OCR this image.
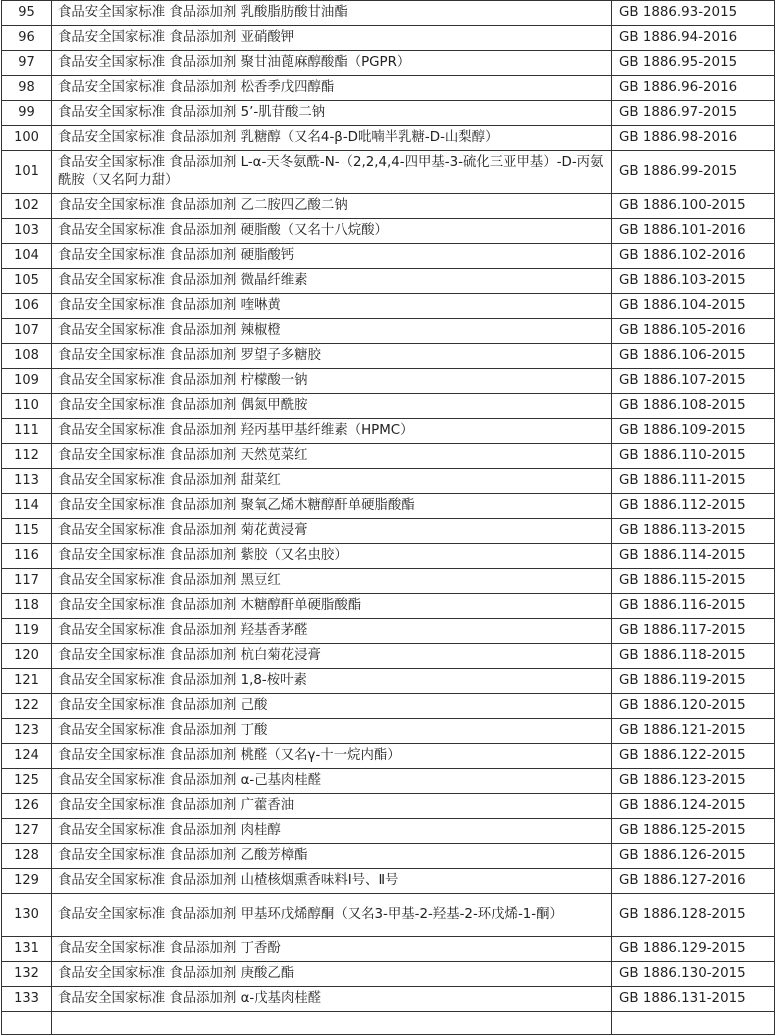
95	食品安全国家标准 食品添加剂 乳酸脂肪酸甘油酯	GB 1886.93-2015
96	食品安全国家标准 食品添加剂 亚硝酸钾	GB 1886.94-2016
97	食品安全国家标准 食品添加剂 聚甘油蓖麻醇酸酯（PGPR）	GB 1886.95-2015
98	食品安全国家标准 食品添加剂 松香季戊四醇酯	GB 1886.96-2016
99	食品安全国家标准 食品添加剂 5’-肌苷酸二钠	GB 1886.97-2015
100	食品安全国家标准 食品添加剂 乳糖醇（又名4-β-D吡喃半乳糖-D-山梨醇）	GB 1886.98-2016
101	食品安全国家标准 食品添加剂 L-α-天冬氨酰-N-（2,2,4,4-四甲基-3-硫化三亚甲基）-D-丙氨酰胺（又名阿力甜）	GB 1886.99-2015
102	食品安全国家标准 食品添加剂 乙二胺四乙酸二钠	GB 1886.100-2015
103	食品安全国家标准 食品添加剂 硬脂酸（又名十八烷酸）	GB 1886.101-2016
104	食品安全国家标准 食品添加剂 硬脂酸钙	GB 1886.102-2016
105	食品安全国家标准 食品添加剂 微晶纤维素	GB 1886.103-2015
106	食品安全国家标准 食品添加剂 喹啉黄	GB 1886.104-2015
107	食品安全国家标准 食品添加剂 辣椒橙	GB 1886.105-2016
108	食品安全国家标准 食品添加剂 罗望子多糖胶	GB 1886.106-2015
109	食品安全国家标准 食品添加剂 柠檬酸一钠	GB 1886.107-2015
110	食品安全国家标准 食品添加剂 偶氮甲酰胺	GB 1886.108-2015
111	食品安全国家标准 食品添加剂 羟丙基甲基纤维素（HPMC）	GB 1886.109-2015
112	食品安全国家标准 食品添加剂 天然苋菜红	GB 1886.110-2015
113	食品安全国家标准 食品添加剂 甜菜红	GB 1886.111-2015
114	食品安全国家标准 食品添加剂 聚氧乙烯木糖醇酐单硬脂酸酯	GB 1886.112-2015
115	食品安全国家标准 食品添加剂 菊花黄浸膏	GB 1886.113-2015
116	食品安全国家标准 食品添加剂 紫胶（又名虫胶）	GB 1886.114-2015
117	食品安全国家标准 食品添加剂 黑豆红	GB 1886.115-2015
118	食品安全国家标准 食品添加剂 木糖醇酐单硬脂酸酯	GB 1886.116-2015
119	食品安全国家标准 食品添加剂 羟基香茅醛	GB 1886.117-2015
120	食品安全国家标准 食品添加剂 杭白菊花浸膏	GB 1886.118-2015
121	食品安全国家标准 食品添加剂 1,8-桉叶素	GB 1886.119-2015
122	食品安全国家标准 食品添加剂 己酸	GB 1886.120-2015
123	食品安全国家标准 食品添加剂 丁酸	GB 1886.121-2015
124	食品安全国家标准 食品添加剂 桃醛（又名γ-十一烷内酯）	GB 1886.122-2015
125	食品安全国家标准 食品添加剂 α-己基肉桂醛	GB 1886.123-2015
126	食品安全国家标准 食品添加剂 广藿香油	GB 1886.124-2015
127	食品安全国家标准 食品添加剂 肉桂醇	GB 1886.125-2015
128	食品安全国家标准 食品添加剂 乙酸芳樟酯	GB 1886.126-2015
129	食品安全国家标准 食品添加剂 山楂核烟熏香味料Ⅰ号、Ⅱ号	GB 1886.127-2016
130	食品安全国家标准 食品添加剂 甲基环戊烯醇酮（又名3-甲基-2-羟基-2-环戊烯-1-酮）	GB 1886.128-2015
131	食品安全国家标准 食品添加剂 丁香酚	GB 1886.129-2015
132	食品安全国家标准 食品添加剂 庚酸乙酯	GB 1886.130-2015
133	食品安全国家标准 食品添加剂 α-戊基肉桂醛	GB 1886.131-2015
